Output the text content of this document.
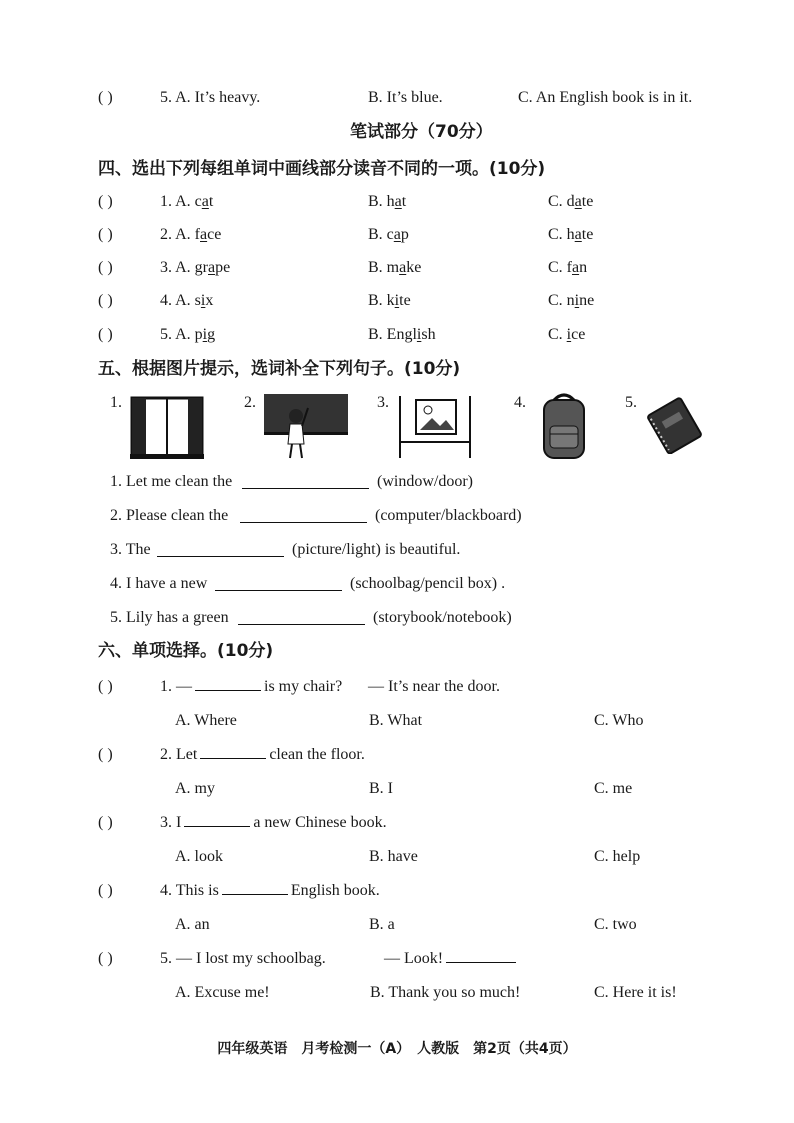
( )	5. A. It’s heavy.	B. It’s blue.	C. An English book is in it.
笔试部分（70分）
四、选出下列每组单词中画线部分读音不同的一项。(10分)
( )	1. A. cat	B. hat	C. date
( )	2. A. face	B. cap	C. hate
( )	3. A. grape	B. make	C. fan
( )	4. A. six	B. kite	C. nine
( )	5. A. pig	B. English	C. ice
五、根据图片提示，选词补全下列句子。(10分)
1.	2.	3.	4.	5.
1. Let me clean the	(window/door)
2. Please clean the	(computer/blackboard)
3. The	(picture/light) is beautiful.
4. I have a new	(schoolbag/pencil box) .
5. Lily has a green	(storybook/notebook)
六、单项选择。(10分)
( )	1. —	is my chair? — It’s near the door.
A. Where	B. What	C. Who
( )	2. Let	clean the floor.
A. my	B. I	C. me
( )	3. I	a new Chinese book.
A. look	B. have	C. help
( )	4. This is	English book.
A. an	B. a	C. two
( )	5. — I lost my schoolbag.	— Look!
A. Excuse me!	B. Thank you so much!	C. Here it is!
四年级英语　月考检测一（A）　人教版　第2页（共4页）
